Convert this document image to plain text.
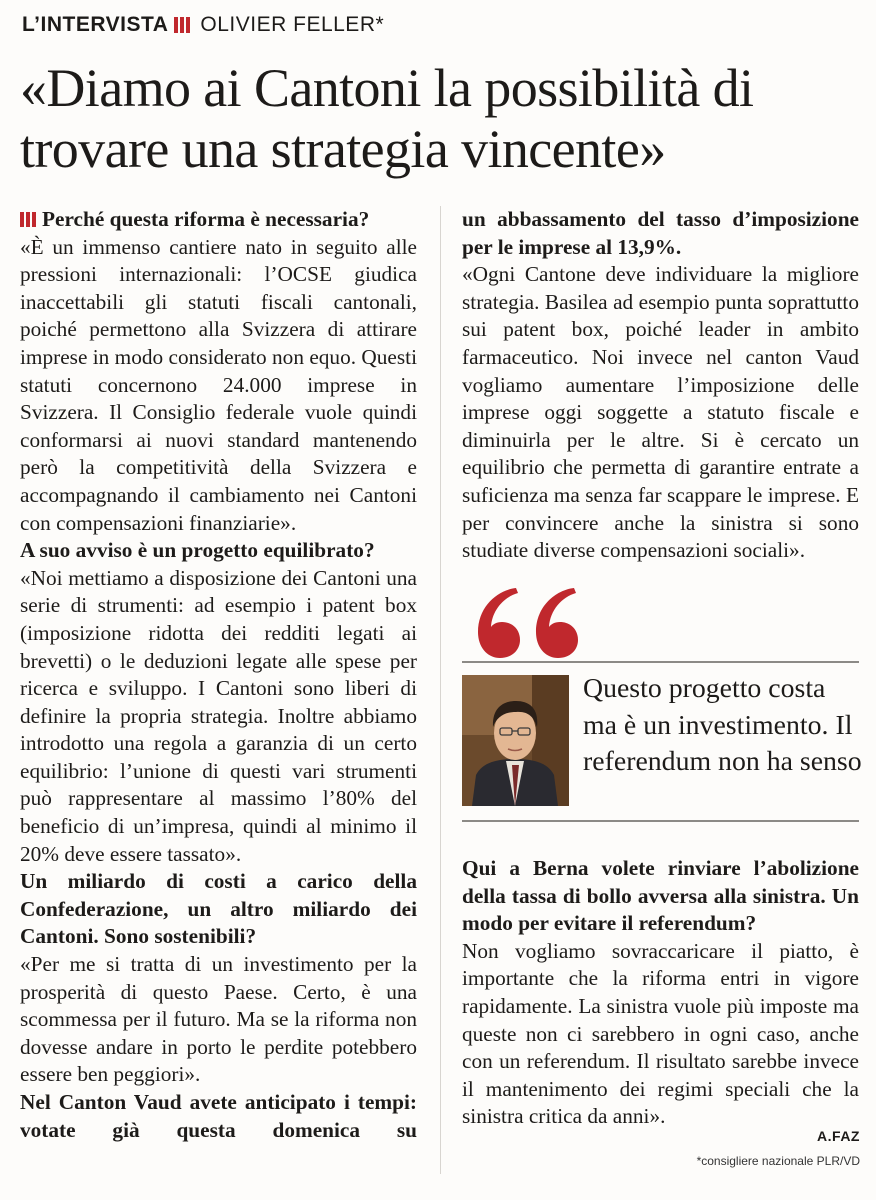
L’INTERVISTA OLIVIER FELLER*
«Diamo ai Cantoni la possibilità di trovare una strategia vincente»

Perché questa riforma è necessaria?

«È un immenso cantiere nato in seguito alle pressioni internazionali: l’OCSE giudica inaccettabili gli statuti fiscali cantonali, poiché permettono alla Svizzera di attirare imprese in modo considerato non equo. Questi statuti concernono 24.000 imprese in Svizzera. Il Consiglio federale vuole quindi conformarsi ai nuovi standard mantenendo però la competitività della Svizzera e accompagnando il cambiamento nei Cantoni con compensazioni finanziarie».

A suo avviso è un progetto equilibrato?

«Noi mettiamo a disposizione dei Cantoni una serie di strumenti: ad esempio i patent box (imposizione ridotta dei redditi legati ai brevetti) o le deduzioni legate alle spese per ricerca e sviluppo. I Cantoni sono liberi di definire la propria strategia. Inoltre abbiamo introdotto una regola a garanzia di un certo equilibrio: l’unione di questi vari strumenti può rappresentare al massimo l’80% del beneficio di un’impresa, quindi al minimo il 20% deve essere tassato».

Un miliardo di costi a carico della Confederazione, un altro miliardo dei Cantoni. Sono sostenibili?

«Per me si tratta di un investimento per la prosperità di questo Paese. Certo, è una scommessa per il futuro. Ma se la riforma non dovesse andare in porto le perdite potebbero essere ben peggiori».

Nel Canton Vaud avete anticipato i tempi: votate già questa domenica su

un abbassamento del tasso d’imposizione per le imprese al 13,9%.

«Ogni Cantone deve individuare la migliore strategia. Basilea ad esempio punta soprattutto sui patent box, poiché leader in ambito farmaceutico. Noi invece nel canton Vaud vogliamo aumentare l’imposizione delle imprese oggi soggette a statuto fiscale e diminuirla per le altre. Si è cercato un equilibrio che permetta di garantire entrate a suficienza ma senza far scappare le imprese. E per convincere anche la sinistra si sono studiate diverse compensazioni sociali».

Questo progetto costa ma è un investimento. Il referendum non ha senso

Qui a Berna volete rinviare l’abolizione della tassa di bollo avversa alla sinistra. Un modo per evitare il referendum?

Non vogliamo sovraccaricare il piatto, è importante che la riforma entri in vigore rapidamente. La sinistra vuole più imposte ma queste non ci sarebbero in ogni caso, anche con un referendum. Il risultato sarebbe invece il mantenimento dei regimi speciali che la sinistra critica da anni».

A.FAZ
*consigliere nazionale PLR/VD
